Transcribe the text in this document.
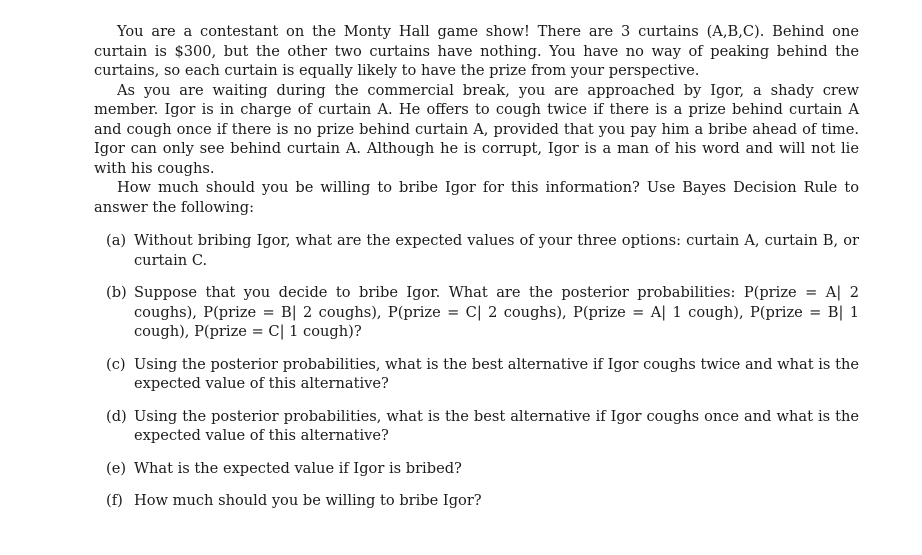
You are a contestant on the Monty Hall game show! There are 3 curtains (A,B,C). Behind one curtain is $300, but the other two curtains have nothing. You have no way of peaking behind the curtains, so each curtain is equally likely to have the prize from your perspective.

As you are waiting during the commercial break, you are approached by Igor, a shady crew member. Igor is in charge of curtain A. He offers to cough twice if there is a prize behind curtain A and cough once if there is no prize behind curtain A, provided that you pay him a bribe ahead of time. Igor can only see behind curtain A. Although he is corrupt, Igor is a man of his word and will not lie with his coughs.

How much should you be willing to bribe Igor for this information? Use Bayes Decision Rule to answer the following:

(a) Without bribing Igor, what are the expected values of your three options: curtain A, curtain B, or curtain C.
(b) Suppose that you decide to bribe Igor. What are the posterior probabilities: P(prize = A| 2 coughs), P(prize = B| 2 coughs), P(prize = C| 2 coughs), P(prize = A| 1 cough), P(prize = B| 1 cough), P(prize = C| 1 cough)?
(c) Using the posterior probabilities, what is the best alternative if Igor coughs twice and what is the expected value of this alternative?
(d) Using the posterior probabilities, what is the best alternative if Igor coughs once and what is the expected value of this alternative?
(e) What is the expected value if Igor is bribed?
(f) How much should you be willing to bribe Igor?
